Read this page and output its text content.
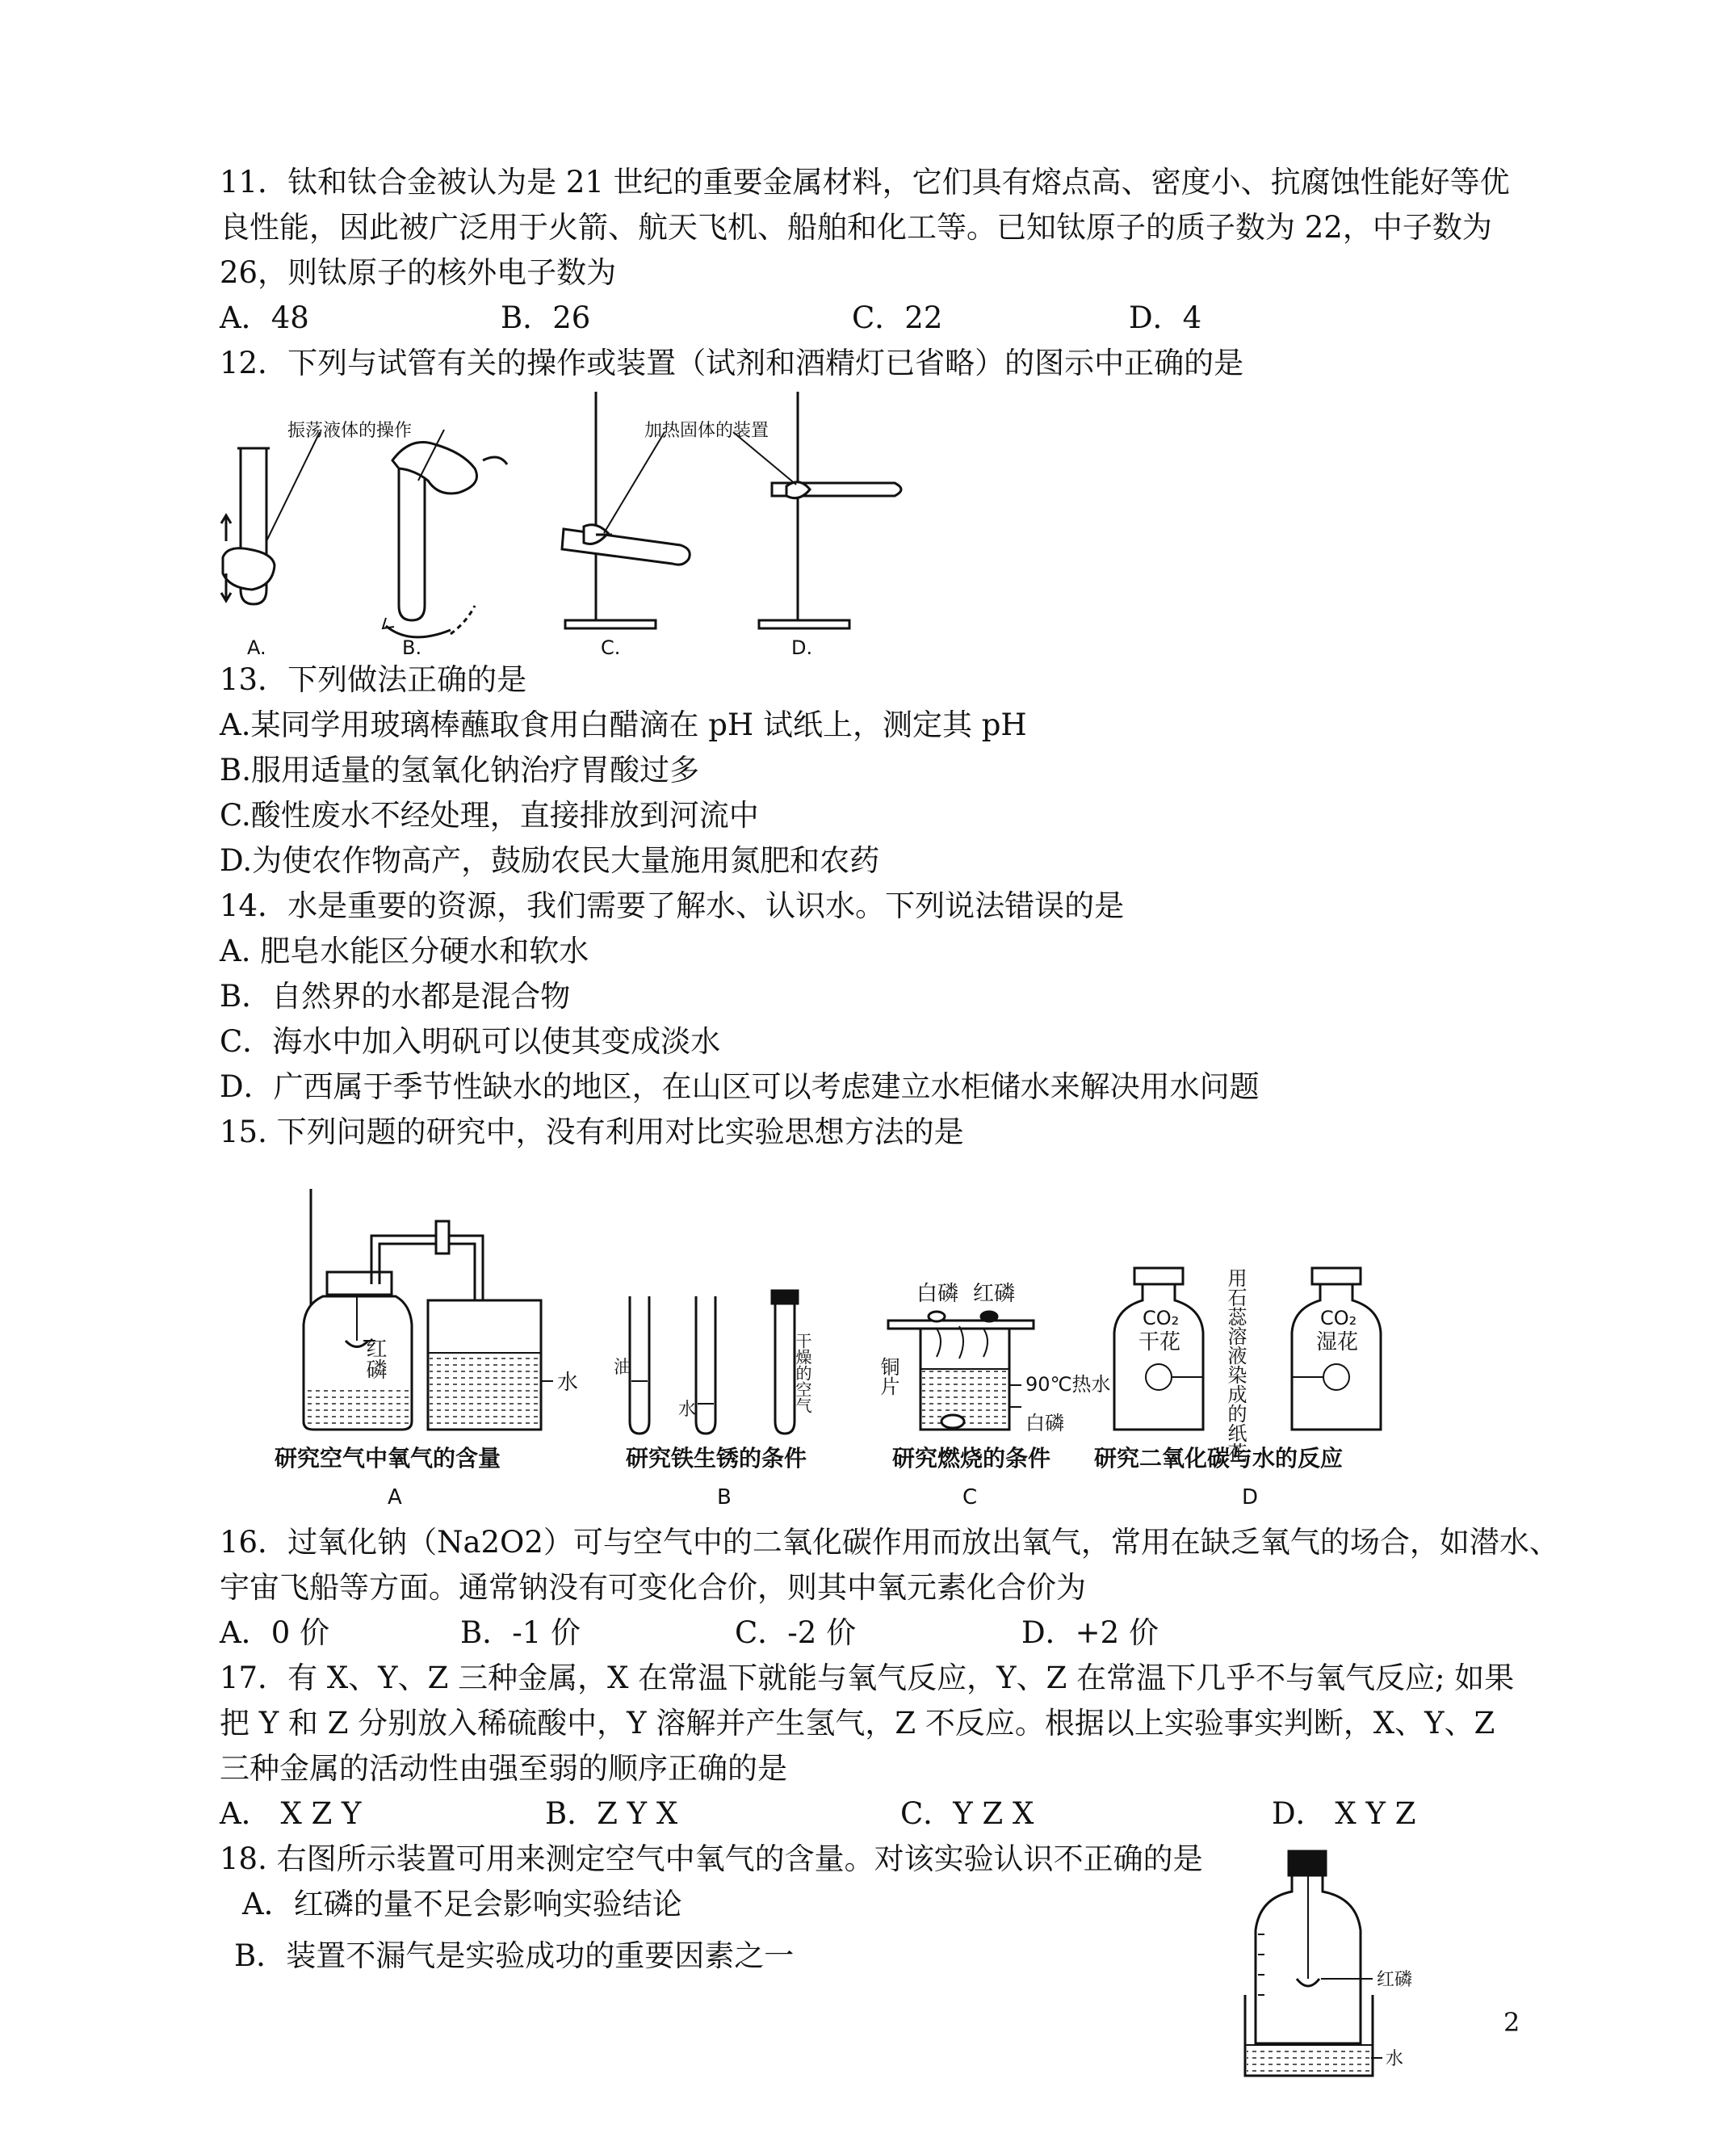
11．钛和钛合金被认为是 21 世纪的重要金属材料，它们具有熔点高、密度小、抗腐蚀性能好等优
良性能，因此被广泛用于火箭、航天飞机、船舶和化工等。已知钛原子的质子数为 22，中子数为
26，则钛原子的核外电子数为
A．48	B．26	C．22	D．4
12．下列与试管有关的操作或装置（试剂和酒精灯已省略）的图示中正确的是
振荡液体的操作	加热固体的装置
A.	B.	C.	D.
13．下列做法正确的是
A.某同学用玻璃棒蘸取食用白醋滴在 pH 试纸上，测定其 pH
B.服用适量的氢氧化钠治疗胃酸过多
C.酸性废水不经处理，直接排放到河流中
D.为使农作物高产，鼓励农民大量施用氮肥和农药
14．水是重要的资源，我们需要了解水、认识水。下列说法错误的是
A. 肥皂水能区分硬水和软水
B．自然界的水都是混合物
C．海水中加入明矾可以使其变成淡水
D．广西属于季节性缺水的地区，在山区可以考虑建立水柜储水来解决用水问题
15. 下列问题的研究中，没有利用对比实验思想方法的是
红磷
水
研究空气中氧气的含量
A
油
水	干燥的空气
研究铁生锈的条件
B
白磷 红磷
铜片	90℃热水
白磷
研究燃烧的条件
C
CO₂
干花
CO₂
湿花
用石蕊溶液染成的纸花
研究二氧化碳与水的反应
D
16．过氧化钠（Na2O2）可与空气中的二氧化碳作用而放出氧气，常用在缺乏氧气的场合，如潜水、
宇宙飞船等方面。通常钠没有可变化合价，则其中氧元素化合价为
A．0 价	B．-1 价	C．-2 价	D．+2 价
17．有 X、Y、Z 三种金属，X 在常温下就能与氧气反应，Y、Z 在常温下几乎不与氧气反应; 如果
把 Y 和 Z 分别放入稀硫酸中，Y 溶解并产生氢气，Z 不反应。根据以上实验事实判断，X、Y、Z
三种金属的活动性由强至弱的顺序正确的是
A． X Z Y	B．Z Y X	C．Y Z X	D． X Y Z
18. 右图所示装置可用来测定空气中氧气的含量。对该实验认识不正确的是
A．红磷的量不足会影响实验结论
B．装置不漏气是实验成功的重要因素之一
红磷
水
2
